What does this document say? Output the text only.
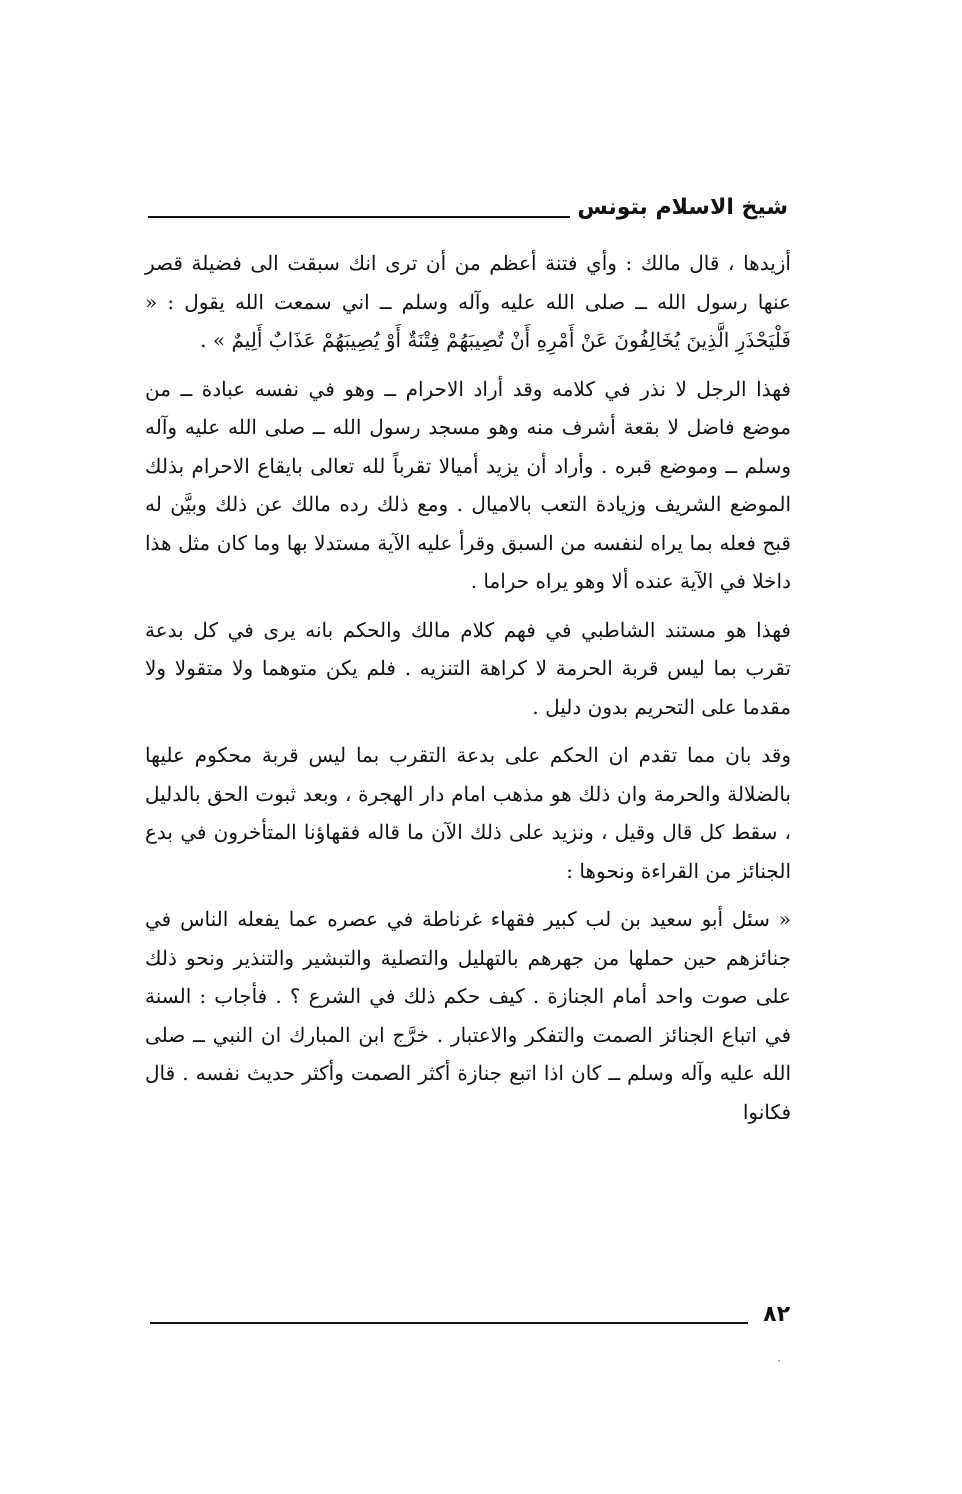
شيخ الاسلام بتونس

أزيدها ، قال مالك : وأي فتنة أعظم من أن ترى انك سبقت الى فضيلة قصر عنها رسول الله ــ صلى الله عليه وآله وسلم ــ اني سمعت الله يقول : « فَلْيَحْذَرِ الَّذِينَ يُخَالِفُونَ عَنْ أَمْرِهِ أَنْ تُصِيبَهُمْ فِتْنَةٌ أَوْ يُصِيبَهُمْ عَذَابٌ أَلِيمٌ » .

فهذا الرجل لا نذر في كلامه وقد أراد الاحرام ــ وهو في نفسه عبادة ــ من موضع فاضل لا بقعة أشرف منه وهو مسجد رسول الله ــ صلى الله عليه وآله وسلم ــ وموضع قبره . وأراد أن يزيد أميالا تقرباً لله تعالى بايقاع الاحرام بذلك الموضع الشريف وزيادة التعب بالاميال . ومع ذلك رده مالك عن ذلك وبيَّن له قبح فعله بما يراه لنفسه من السبق وقرأ عليه الآية مستدلا بها وما كان مثل هذا داخلا في الآية عنده ألا وهو يراه حراما .

فهذا هو مستند الشاطبي في فهم كلام مالك والحكم بانه يرى في كل بدعة تقرب بما ليس قربة الحرمة لا كراهة التنزيه . فلم يكن متوهما ولا متقولا ولا مقدما على التحريم بدون دليل .

وقد بان مما تقدم ان الحكم على بدعة التقرب بما ليس قربة محكوم عليها بالضلالة والحرمة وان ذلك هو مذهب امام دار الهجرة ، وبعد ثبوت الحق بالدليل ، سقط كل قال وقيل ، ونزيد على ذلك الآن ما قاله فقهاؤنا المتأخرون في بدع الجنائز من القراءة ونحوها :

« سئل أبو سعيد بن لب كبير فقهاء غرناطة في عصره عما يفعله الناس في جنائزهم حين حملها من جهرهم بالتهليل والتصلية والتبشير والتنذير ونحو ذلك على صوت واحد أمام الجنازة . كيف حكم ذلك في الشرع ؟ . فأجاب : السنة في اتباع الجنائز الصمت والتفكر والاعتبار . خرَّج ابن المبارك ان النبي ــ صلى الله عليه وآله وسلم ــ كان اذا اتبع جنازة أكثر الصمت وأكثر حديث نفسه . قال فكانوا

٨٢
